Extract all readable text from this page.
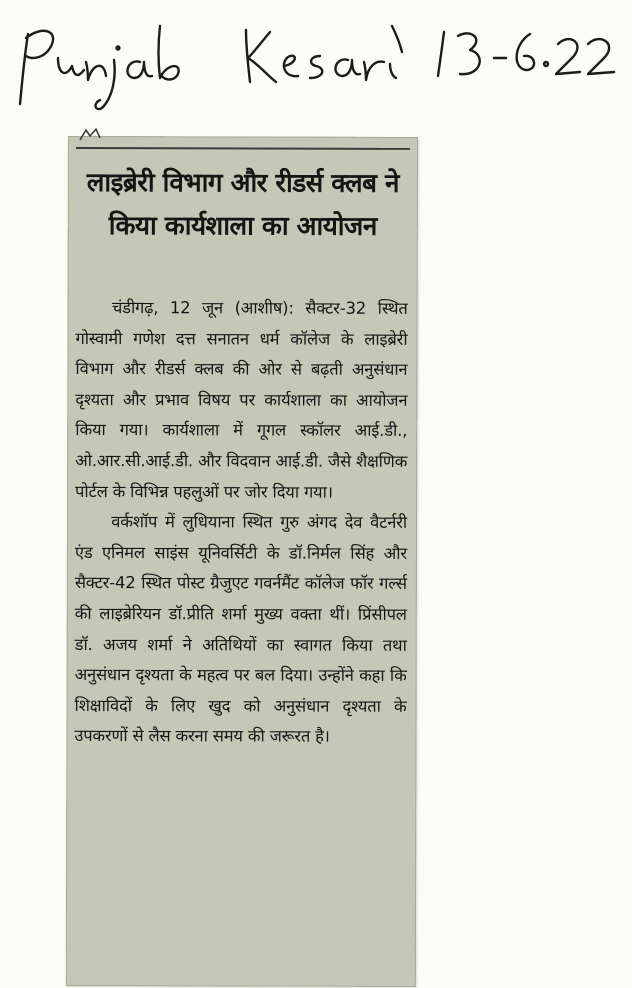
लाइब्रेरी विभाग और रीडर्स क्लब ने किया कार्यशाला का आयोजन

चंडीगढ़, 12 जून (आशीष): सैक्टर-32 स्थित गोस्वामी गणेश दत्त सनातन धर्म कॉलेज के लाइब्रेरी विभाग और रीडर्स क्लब की ओर से बढ़ती अनुसंधान दृश्यता और प्रभाव विषय पर कार्यशाला का आयोजन किया गया। कार्यशाला में गूगल स्कॉलर आई.डी., ओ.आर.सी.आई.डी. और विदवान आई.डी. जैसे शैक्षणिक पोर्टल के विभिन्न पहलुओं पर जोर दिया गया।

वर्कशॉप में लुधियाना स्थित गुरु अंगद देव वैटर्नरी एंड एनिमल साइंस यूनिवर्सिटी के डॉ.निर्मल सिंह और सैक्टर-42 स्थित पोस्ट ग्रैजुएट गवर्नमैंट कॉलेज फॉर गर्ल्स की लाइब्रेरियन डॉ.प्रीति शर्मा मुख्य वक्ता थीं। प्रिंसीपल डॉ. अजय शर्मा ने अतिथियों का स्वागत किया तथा अनुसंधान दृश्यता के महत्व पर बल दिया। उन्होंने कहा कि शिक्षाविदों के लिए खुद को अनुसंधान दृश्यता के उपकरणों से लैस करना समय की जरूरत है।
